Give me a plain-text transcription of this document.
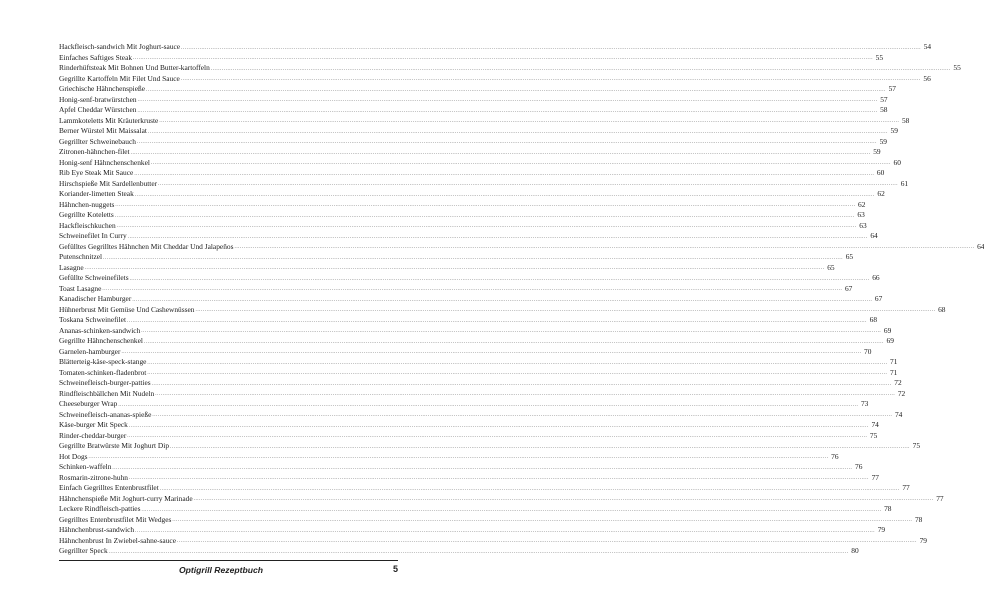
Hackfleisch-sandwich Mit Joghurt-sauce ................................................................................................................................................................................................................................................................................................................................................................................................................ 54
Einfaches Saftiges Steak ................................................................................................................................................................................................................................................................................................................................................................................................................ 55
Rinderhüftsteak Mit Bohnen Und Butter-kartoffeln ................................................................................................................................................................................................................................................................................................................................................................................................................ 55
Gegrillte Kartoffeln Mit Filet Und Sauce ................................................................................................................................................................................................................................................................................................................................................................................................................ 56
Griechische Hähnchenspieße ................................................................................................................................................................................................................................................................................................................................................................................................................ 57
Honig-senf-bratwürstchen ................................................................................................................................................................................................................................................................................................................................................................................................................ 57
Apfel Cheddar Würstchen ................................................................................................................................................................................................................................................................................................................................................................................................................ 58
Lammkoteletts Mit Kräuterkruste ................................................................................................................................................................................................................................................................................................................................................................................................................ 58
Berner Würstel Mit Maissalat ................................................................................................................................................................................................................................................................................................................................................................................................................ 59
Gegrillter Schweinebauch ................................................................................................................................................................................................................................................................................................................................................................................................................ 59
Zitronen-hähnchen-filet ................................................................................................................................................................................................................................................................................................................................................................................................................ 59
Honig-senf Hähnchenschenkel ................................................................................................................................................................................................................................................................................................................................................................................................................ 60
Rib Eye Steak Mit Sauce ................................................................................................................................................................................................................................................................................................................................................................................................................ 60
Hirschspieße Mit Sardellenbutter ................................................................................................................................................................................................................................................................................................................................................................................................................ 61
Koriander-limetten Steak ................................................................................................................................................................................................................................................................................................................................................................................................................ 62
Hähnchen-nuggets ................................................................................................................................................................................................................................................................................................................................................................................................................ 62
Gegrillte Koteletts ................................................................................................................................................................................................................................................................................................................................................................................................................ 63
Hackfleischkuchen ................................................................................................................................................................................................................................................................................................................................................................................................................ 63
Schweinefilet In Curry ................................................................................................................................................................................................................................................................................................................................................................................................................ 64
Gefülltes Gegrilltes Hähnchen Mit Cheddar Und Jalapeños ................................................................................................................................................................................................................................................................................................................................................................................................................ 64
Putenschnitzel ................................................................................................................................................................................................................................................................................................................................................................................................................ 65
Lasagne ................................................................................................................................................................................................................................................................................................................................................................................................................ 65
Gefüllte Schweinefilets ................................................................................................................................................................................................................................................................................................................................................................................................................ 66
Toast Lasagne ................................................................................................................................................................................................................................................................................................................................................................................................................ 67
Kanadischer Hamburger ................................................................................................................................................................................................................................................................................................................................................................................................................ 67
Hühnerbrust Mit Gemüse Und Cashewnüssen ................................................................................................................................................................................................................................................................................................................................................................................................................ 68
Toskana Schweinefilet ................................................................................................................................................................................................................................................................................................................................................................................................................ 68
Ananas-schinken-sandwich ................................................................................................................................................................................................................................................................................................................................................................................................................ 69
Gegrillte Hähnchenschenkel ................................................................................................................................................................................................................................................................................................................................................................................................................ 69
Garnelen-hamburger ................................................................................................................................................................................................................................................................................................................................................................................................................ 70
Blätterteig-käse-speck-stange ................................................................................................................................................................................................................................................................................................................................................................................................................ 71
Tomaten-schinken-fladenbrot ................................................................................................................................................................................................................................................................................................................................................................................................................ 71
Schweinefleisch-burger-patties ................................................................................................................................................................................................................................................................................................................................................................................................................ 72
Rindfleischbällchen Mit Nudeln ................................................................................................................................................................................................................................................................................................................................................................................................................ 72
Cheeseburger Wrap ................................................................................................................................................................................................................................................................................................................................................................................................................ 73
Schweinefleisch-ananas-spieße ................................................................................................................................................................................................................................................................................................................................................................................................................ 74
Käse-burger Mit Speck ................................................................................................................................................................................................................................................................................................................................................................................................................ 74
Rinder-cheddar-burger ................................................................................................................................................................................................................................................................................................................................................................................................................ 75
Gegrillte Bratwürste Mit Joghurt Dip ................................................................................................................................................................................................................................................................................................................................................................................................................ 75
Hot Dogs ................................................................................................................................................................................................................................................................................................................................................................................................................ 76
Schinken-waffeln ................................................................................................................................................................................................................................................................................................................................................................................................................ 76
Rosmarin-zitrone-huhn ................................................................................................................................................................................................................................................................................................................................................................................................................ 77
Einfach Gegrilltes Entenbrustfilet ................................................................................................................................................................................................................................................................................................................................................................................................................ 77
Hähnchenspieße Mit Joghurt-curry Marinade ................................................................................................................................................................................................................................................................................................................................................................................................................ 77
Leckere Rindfleisch-patties ................................................................................................................................................................................................................................................................................................................................................................................................................ 78
Gegrilltes Entenbrustfilet Mit Wedges ................................................................................................................................................................................................................................................................................................................................................................................................................ 78
Hähnchenbrust-sandwich ................................................................................................................................................................................................................................................................................................................................................................................................................ 79
Hähnchenbrust In Zwiebel-sahne-sauce ................................................................................................................................................................................................................................................................................................................................................................................................................ 79
Gegrillter Speck ................................................................................................................................................................................................................................................................................................................................................................................................................ 80
Optigrill Rezeptbuch	5
